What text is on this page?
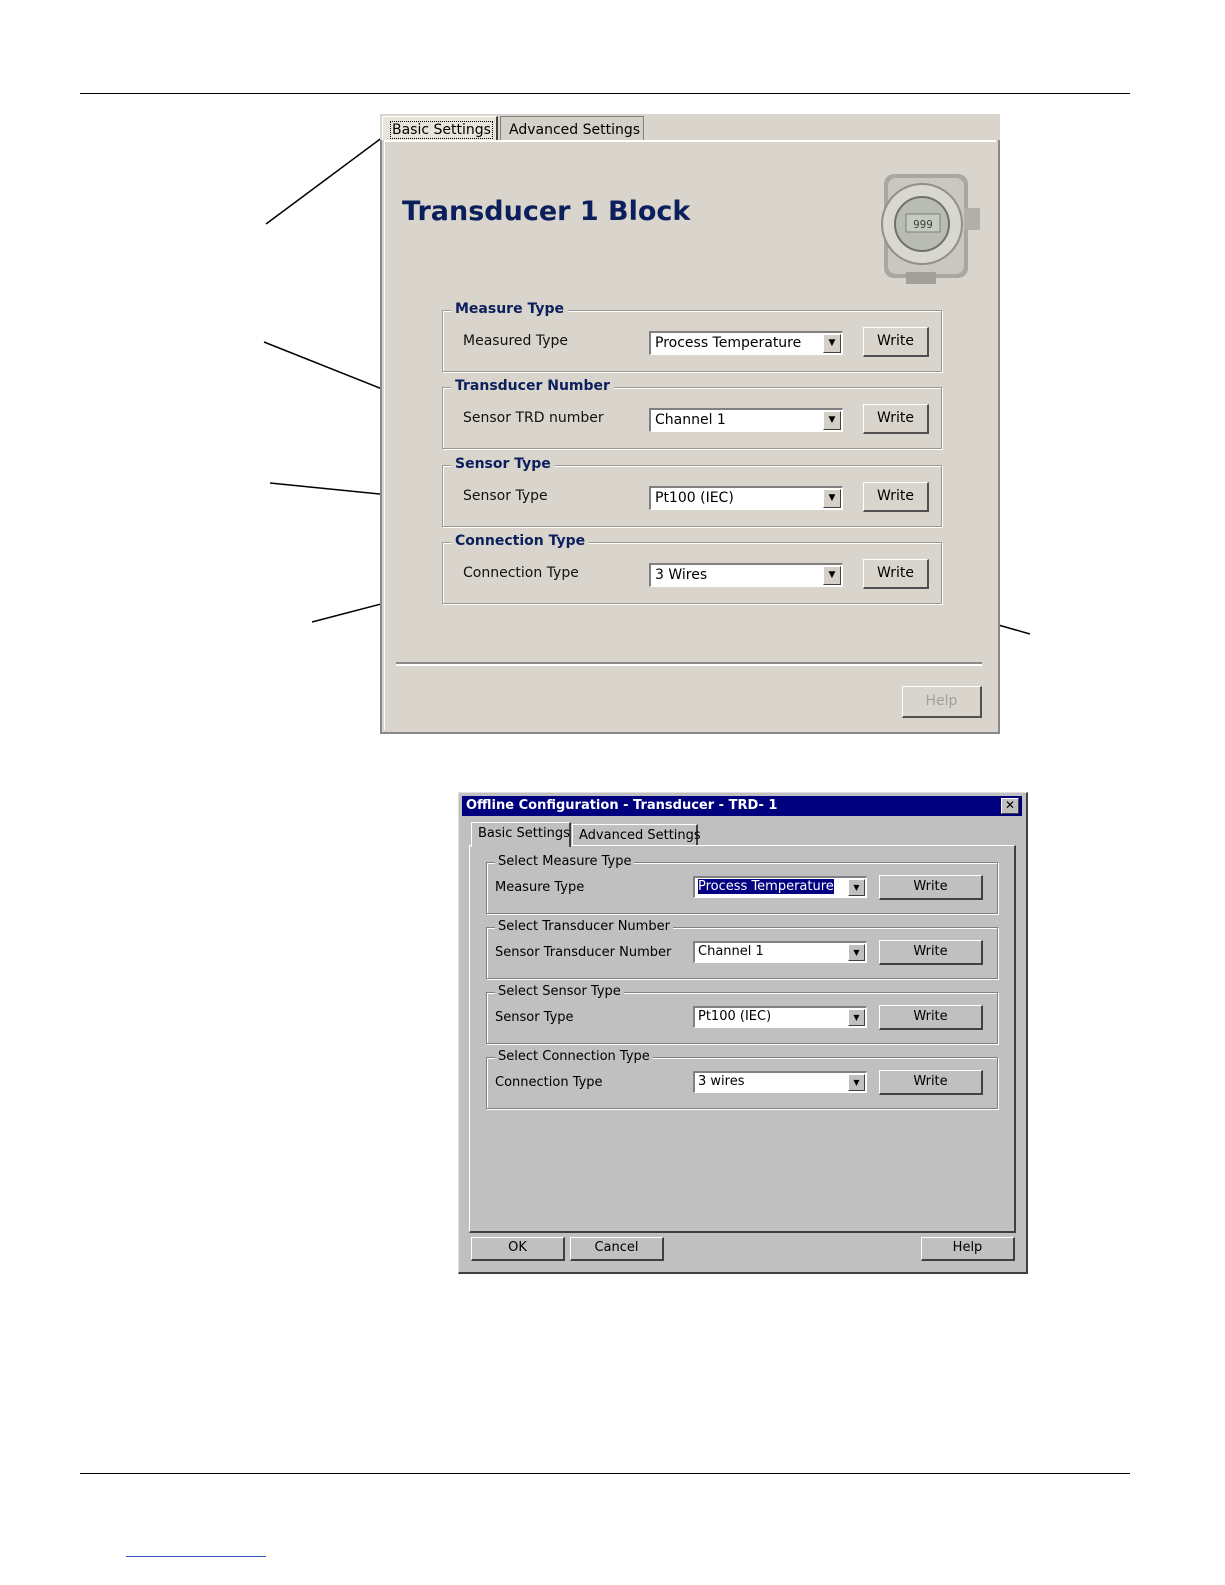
Basic Settings	Advanced Settings
Transducer 1 Block	999
Measure Type
Measured Type	Process Temperature	▼	Write
Transducer Number
Sensor TRD number	Channel 1	▼	Write
Sensor Type
Sensor Type	Pt100 (IEC)	▼	Write
Connection Type
Connection Type	3 Wires	▼	Write
Help
Offline Configuration - Transducer - TRD- 1	✕
Basic Settings Advanced Settings
Select Measure Type
Measure Type	Process Temperature	▼	Write
Select Transducer Number
Sensor Transducer Number	Channel 1	▼	Write
Select Sensor Type
Sensor Type	Pt100 (IEC)	▼	Write
Select Connection Type
Connection Type	3 wires	▼	Write
OK	Cancel	Help
